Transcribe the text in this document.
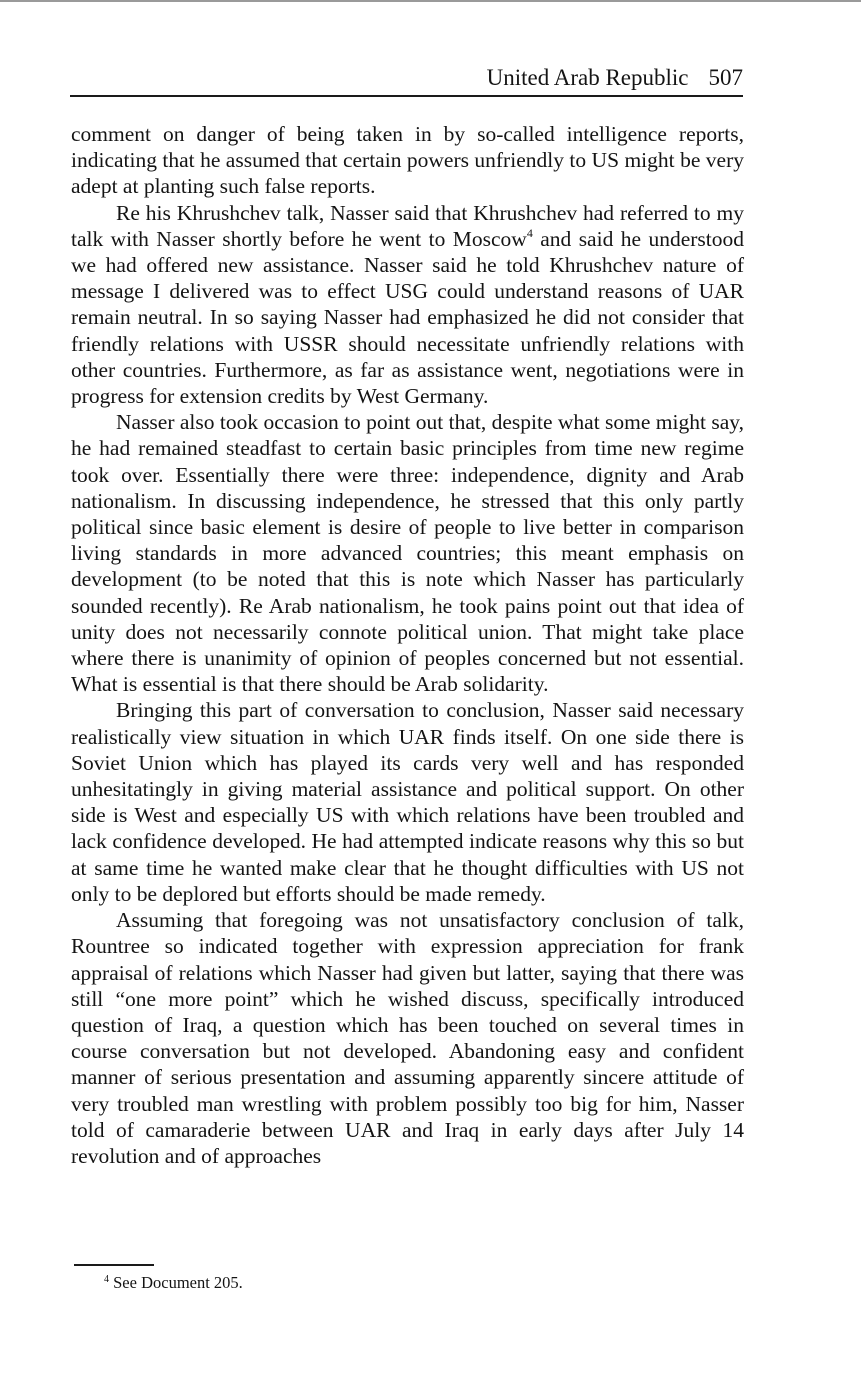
United Arab Republic 507

comment on danger of being taken in by so-called intelligence reports, indicating that he assumed that certain powers unfriendly to US might be very adept at planting such false reports.

Re his Khrushchev talk, Nasser said that Khrushchev had referred to my talk with Nasser shortly before he went to Moscow$^4$ and said he understood we had offered new assistance. Nasser said he told Khrushchev nature of message I delivered was to effect USG could understand reasons of UAR remain neutral. In so saying Nasser had emphasized he did not consider that friendly relations with USSR should necessitate unfriendly relations with other countries. Furthermore, as far as assistance went, negotiations were in progress for extension credits by West Germany.

Nasser also took occasion to point out that, despite what some might say, he had remained steadfast to certain basic principles from time new regime took over. Essentially there were three: independence, dignity and Arab nationalism. In discussing independence, he stressed that this only partly political since basic element is desire of people to live better in comparison living standards in more advanced countries; this meant emphasis on development (to be noted that this is note which Nasser has particularly sounded recently). Re Arab nationalism, he took pains point out that idea of unity does not necessarily connote political union. That might take place where there is unanimity of opinion of peoples concerned but not essential. What is essential is that there should be Arab solidarity.

Bringing this part of conversation to conclusion, Nasser said necessary realistically view situation in which UAR finds itself. On one side there is Soviet Union which has played its cards very well and has responded unhesitatingly in giving material assistance and political support. On other side is West and especially US with which relations have been troubled and lack confidence developed. He had attempted indicate reasons why this so but at same time he wanted make clear that he thought difficulties with US not only to be deplored but efforts should be made remedy.

Assuming that foregoing was not unsatisfactory conclusion of talk, Rountree so indicated together with expression appreciation for frank appraisal of relations which Nasser had given but latter, saying that there was still “one more point” which he wished discuss, specifically introduced question of Iraq, a question which has been touched on several times in course conversation but not developed. Abandoning easy and confident manner of serious presentation and assuming apparently sincere attitude of very troubled man wrestling with problem possibly too big for him, Nasser told of camaraderie between UAR and Iraq in early days after July 14 revolution and of approaches

$^4$ See Document 205.
